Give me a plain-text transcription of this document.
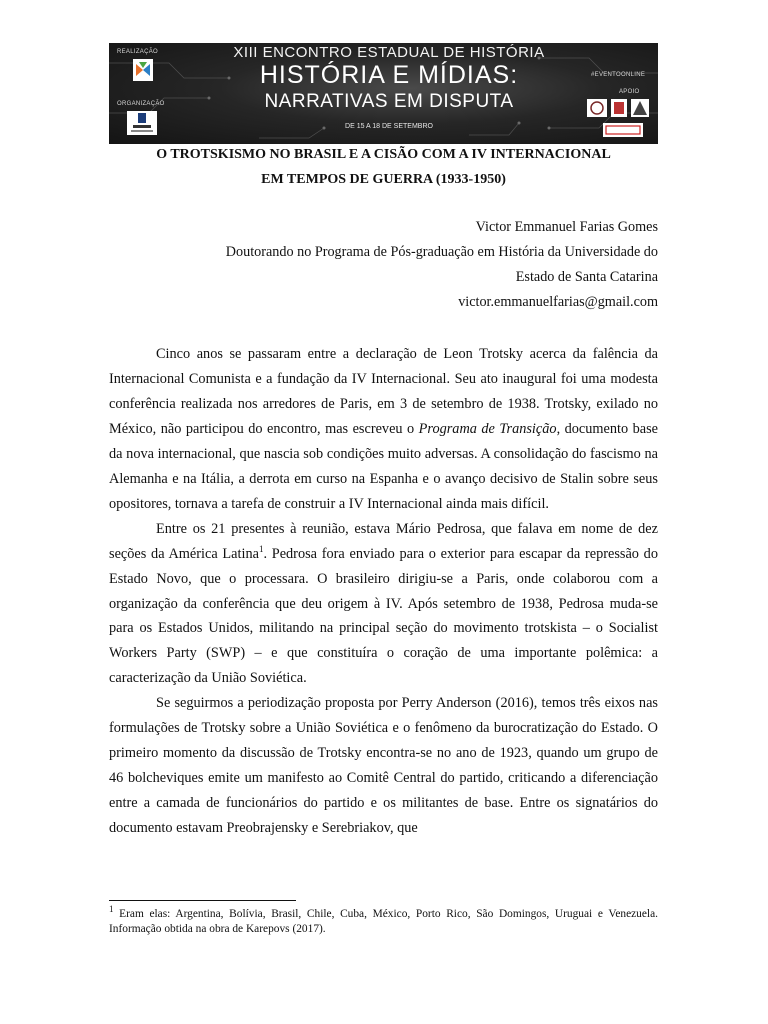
REALIZAÇÃO
ORGANIZAÇÃO
XIII ENCONTRO ESTADUAL DE HISTÓRIA
HISTÓRIA E MÍDIAS:
NARRATIVAS EM DISPUTA
DE 15 A 18 DE SETEMBRO
#EVENTOONLINE
APOIO
O TROTSKISMO NO BRASIL E A CISÃO COM A IV INTERNACIONAL
EM TEMPOS DE GUERRA (1933-1950)
Victor Emmanuel Farias Gomes
Doutorando no Programa de Pós-graduação em História da Universidade do
Estado de Santa Catarina
victor.emmanuelfarias@gmail.com

Cinco anos se passaram entre a declaração de Leon Trotsky acerca da falência da Internacional Comunista e a fundação da IV Internacional. Seu ato inaugural foi uma modesta conferência realizada nos arredores de Paris, em 3 de setembro de 1938. Trotsky, exilado no México, não participou do encontro, mas escreveu o Programa de Transição, documento base da nova internacional, que nascia sob condições muito adversas. A consolidação do fascismo na Alemanha e na Itália, a derrota em curso na Espanha e o avanço decisivo de Stalin sobre seus opositores, tornava a tarefa de construir a IV Internacional ainda mais difícil.

Entre os 21 presentes à reunião, estava Mário Pedrosa, que falava em nome de dez seções da América Latina$^1$. Pedrosa fora enviado para o exterior para escapar da repressão do Estado Novo, que o processara. O brasileiro dirigiu-se a Paris, onde colaborou com a organização da conferência que deu origem à IV. Após setembro de 1938, Pedrosa muda-se para os Estados Unidos, militando na principal seção do movimento trotskista – o Socialist Workers Party (SWP) – e que constituíra o coração de uma importante polêmica: a caracterização da União Soviética.

Se seguirmos a periodização proposta por Perry Anderson (2016), temos três eixos nas formulações de Trotsky sobre a União Soviética e o fenômeno da burocratização do Estado. O primeiro momento da discussão de Trotsky encontra-se no ano de 1923, quando um grupo de 46 bolcheviques emite um manifesto ao Comitê Central do partido, criticando a diferenciação entre a camada de funcionários do partido e os militantes de base. Entre os signatários do documento estavam Preobrajensky e Serebriakov, que

$^1$ Eram elas: Argentina, Bolívia, Brasil, Chile, Cuba, México, Porto Rico, São Domingos, Uruguai e Venezuela. Informação obtida na obra de Karepovs (2017).
